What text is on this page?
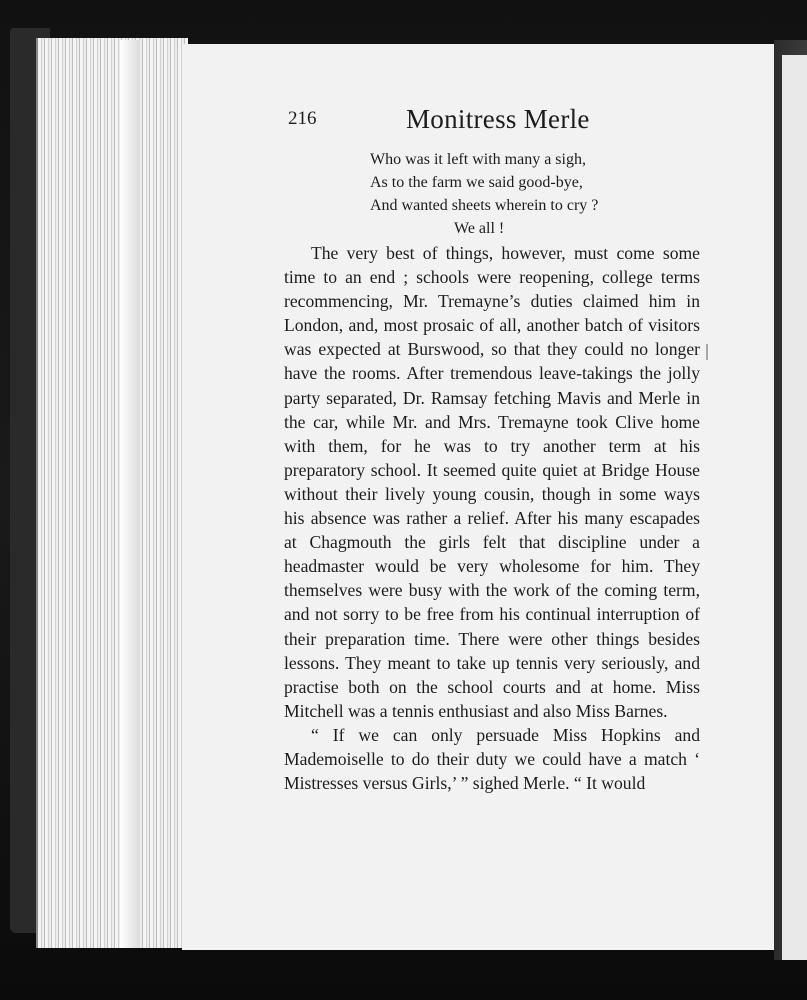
216	Monitress Merle
Who was it left with many a sigh,
As to the farm we said good-bye,
And wanted sheets wherein to cry ?
We all !

The very best of things, however, must come some time to an end ; schools were reopening, college terms recommencing, Mr. Tremayne’s duties claimed him in London, and, most prosaic of all, another batch of visitors was expected at Burswood, so that they could no longer have the rooms. After tremendous leave-takings the jolly party separated, Dr. Ramsay fetching Mavis and Merle in the car, while Mr. and Mrs. Tremayne took Clive home with them, for he was to try another term at his preparatory school. It seemed quite quiet at Bridge House without their lively young cousin, though in some ways his absence was rather a relief. After his many escapades at Chagmouth the girls felt that discipline under a headmaster would be very wholesome for him. They themselves were busy with the work of the coming term, and not sorry to be free from his continual interruption of their preparation time. There were other things besides lessons. They meant to take up tennis very seriously, and practise both on the school courts and at home. Miss Mitchell was a tennis enthusiast and also Miss Barnes.

“ If we can only persuade Miss Hopkins and Mademoiselle to do their duty we could have a match ‘ Mistresses versus Girls,’ ” sighed Merle. “ It would
